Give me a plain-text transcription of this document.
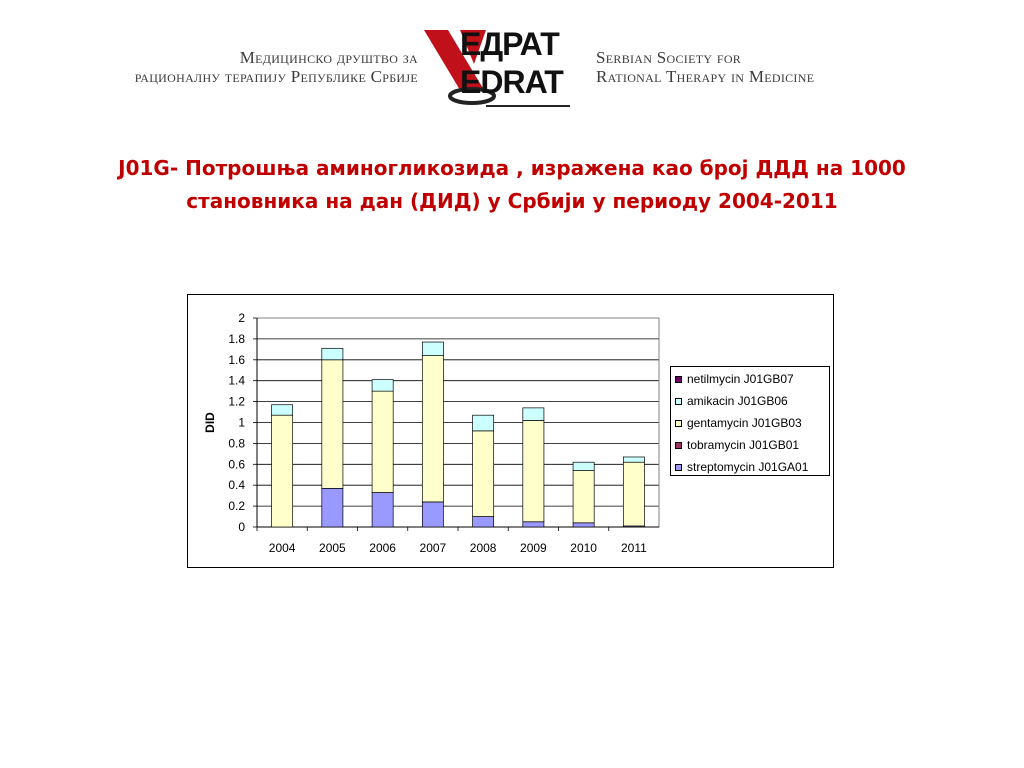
Медицинско друштво за
рационалну терапију Републике Србије
EДРАТ
EDRAT
Serbian Society for
Rational Therapy in Medicine
J01G- Потрошња аминогликозида , изражена као број ДДД на 1000
становника на дан (ДИД) у Србији у периоду 2004-2011
0
0.2
0.4
0.6
0.8
1
1.2
1.4
1.6
1.8
2
DID
2004 2005 2006 2007 2008 2009 2010 2011
netilmycin J01GB07
amikacin J01GB06
gentamycin J01GB03
tobramycin J01GB01
streptomycin J01GA01
